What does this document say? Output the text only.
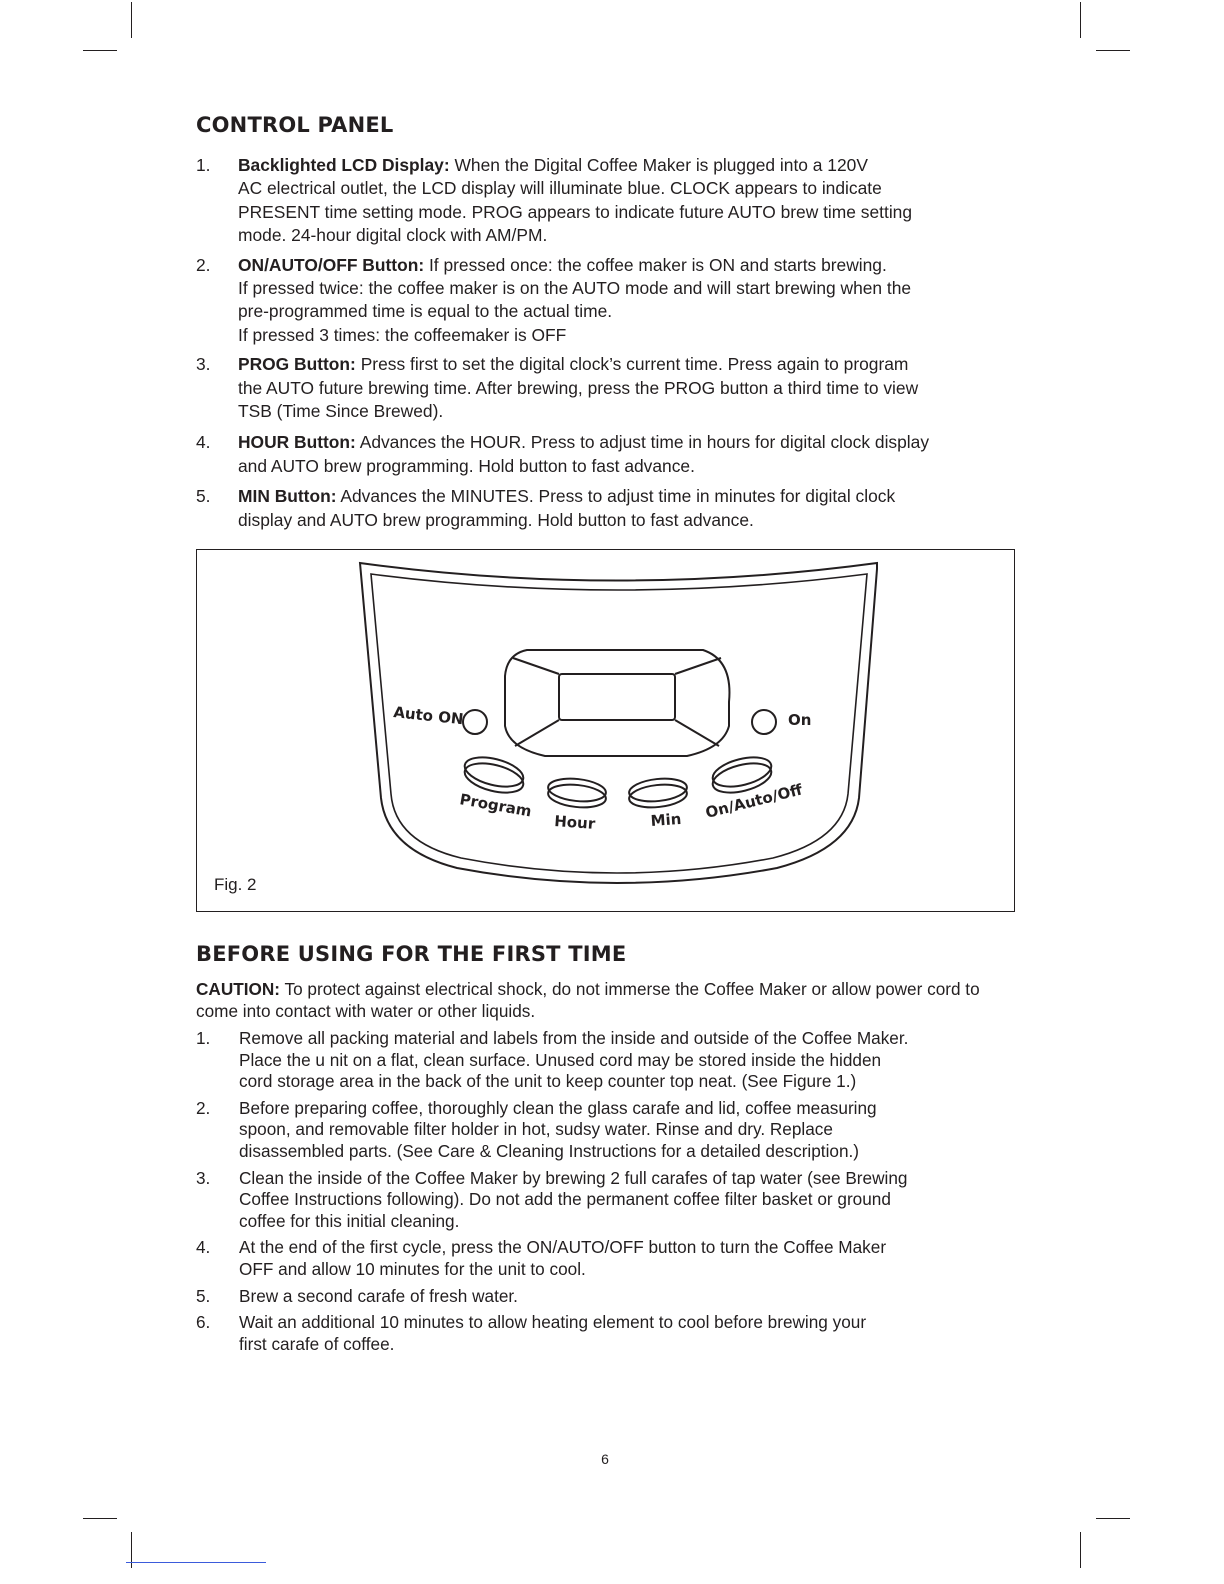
CONTROL PANEL
1. Backlighted LCD Display: When the Digital Coffee Maker is plugged into a 120V
AC electrical outlet, the LCD display will illuminate blue. CLOCK appears to indicate
PRESENT time setting mode. PROG appears to indicate future AUTO brew time setting
mode. 24-hour digital clock with AM/PM.
2. ON/AUTO/OFF Button: If pressed once: the coffee maker is ON and starts brewing.
If pressed twice: the coffee maker is on the AUTO mode and will start brewing when the
pre-programmed time is equal to the actual time.
If pressed 3 times: the coffeemaker is OFF
3. PROG Button: Press first to set the digital clock’s current time. Press again to program
the AUTO future brewing time. After brewing, press the PROG button a third time to view
TSB (Time Since Brewed).
4. HOUR Button: Advances the HOUR. Press to adjust time in hours for digital clock display
and AUTO brew programming. Hold button to fast advance.
5. MIN Button: Advances the MINUTES. Press to adjust time in minutes for digital clock
display and AUTO brew programming. Hold button to fast advance.
Auto ON	On
Program
Hour	Min On/Auto/Off
Fig. 2
BEFORE USING FOR THE FIRST TIME

CAUTION: To protect against electrical shock, do not immerse the Coffee Maker or allow power cord to come into contact with water or other liquids.

1. Remove all packing material and labels from the inside and outside of the Coffee Maker.
Place the u nit on a flat, clean surface. Unused cord may be stored inside the hidden
cord storage area in the back of the unit to keep counter top neat. (See Figure 1.)
2. Before preparing coffee, thoroughly clean the glass carafe and lid, coffee measuring
spoon, and removable filter holder in hot, sudsy water. Rinse and dry. Replace
disassembled parts. (See Care & Cleaning Instructions for a detailed description.)
3. Clean the inside of the Coffee Maker by brewing 2 full carafes of tap water (see Brewing
Coffee Instructions following). Do not add the permanent coffee filter basket or ground
coffee for this initial cleaning.
4. At the end of the first cycle, press the ON/AUTO/OFF button to turn the Coffee Maker
OFF and allow 10 minutes for the unit to cool.
5. Brew a second carafe of fresh water.
6. Wait an additional 10 minutes to allow heating element to cool before brewing your
first carafe of coffee.
6
